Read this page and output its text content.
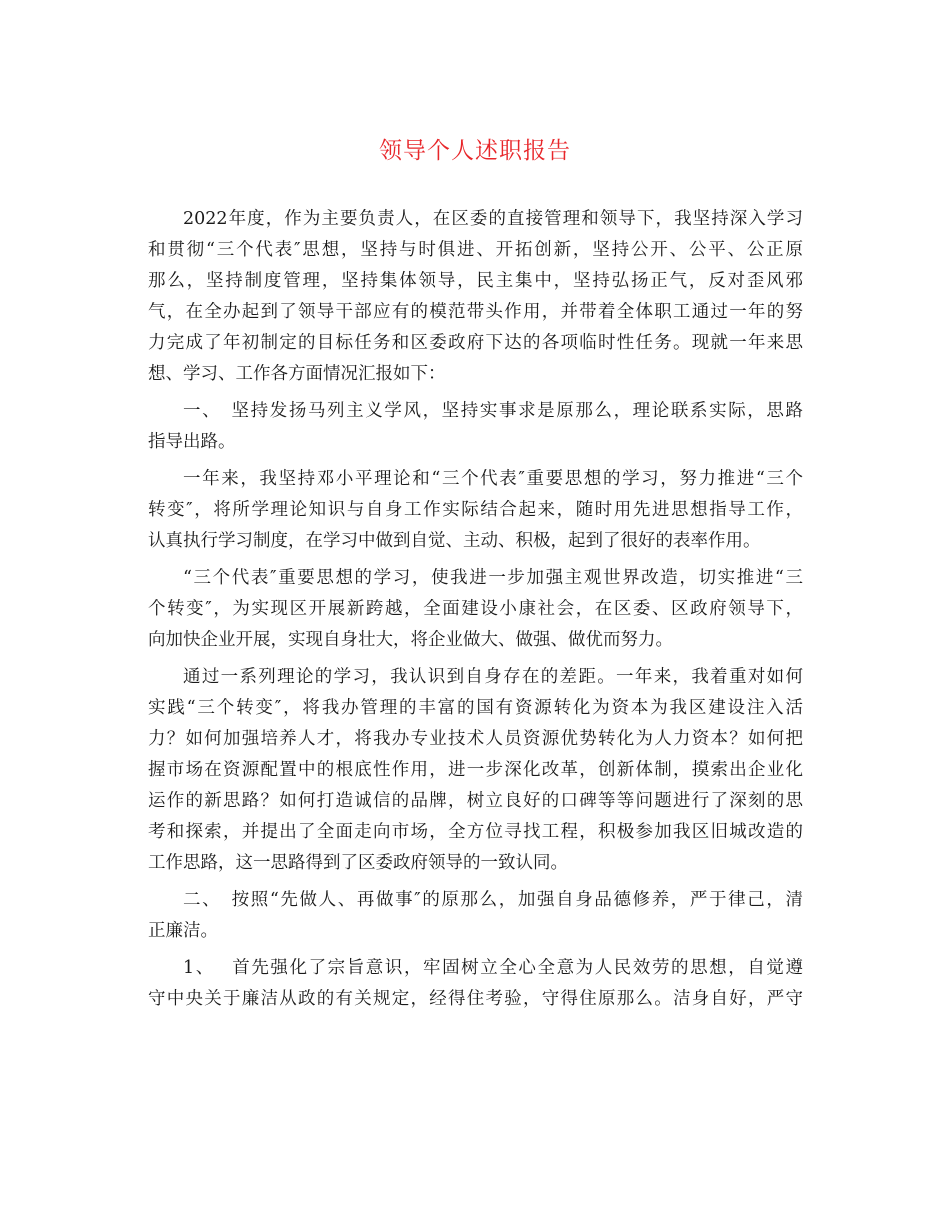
领导个人述职报告
2022年度，作为主要负责人，在区委的直接管理和领导下，我坚持深入学习
和贯彻“三个代表″思想，坚持与时俱进、开拓创新，坚持公开、公平、公正原
那么，坚持制度管理，坚持集体领导，民主集中，坚持弘扬正气，反对歪风邪
气，在全办起到了领导干部应有的模范带头作用，并带着全体职工通过一年的努
力完成了年初制定的目标任务和区委政府下达的各项临时性任务。现就一年来思
想、学习、工作各方面情况汇报如下：
一、　坚持发扬马列主义学风，坚持实事求是原那么，理论联系实际，思路
指导出路。
一年来，我坚持邓小平理论和“三个代表″重要思想的学习，努力推进“三个
转变″，将所学理论知识与自身工作实际结合起来，随时用先进思想指导工作，
认真执行学习制度，在学习中做到自觉、主动、积极，起到了很好的表率作用。
“三个代表″重要思想的学习，使我进一步加强主观世界改造，切实推进“三
个转变″，为实现区开展新跨越，全面建设小康社会，在区委、区政府领导下，
向加快企业开展，实现自身壮大，将企业做大、做强、做优而努力。
通过一系列理论的学习，我认识到自身存在的差距。一年来，我着重对如何
实践“三个转变″，将我办管理的丰富的国有资源转化为资本为我区建设注入活
力？如何加强培养人才，将我办专业技术人员资源优势转化为人力资本？如何把
握市场在资源配置中的根底性作用，进一步深化改革，创新体制，摸索出企业化
运作的新思路？如何打造诚信的品牌，树立良好的口碑等等问题进行了深刻的思
考和探索，并提出了全面走向市场，全方位寻找工程，积极参加我区旧城改造的
工作思路，这一思路得到了区委政府领导的一致认同。
二、　按照“先做人、再做事″的原那么，加强自身品德修养，严于律己，清
正廉洁。
1、　 首先强化了宗旨意识，牢固树立全心全意为人民效劳的思想，自觉遵
守中央关于廉洁从政的有关规定，经得住考验，守得住原那么。洁身自好，严守
